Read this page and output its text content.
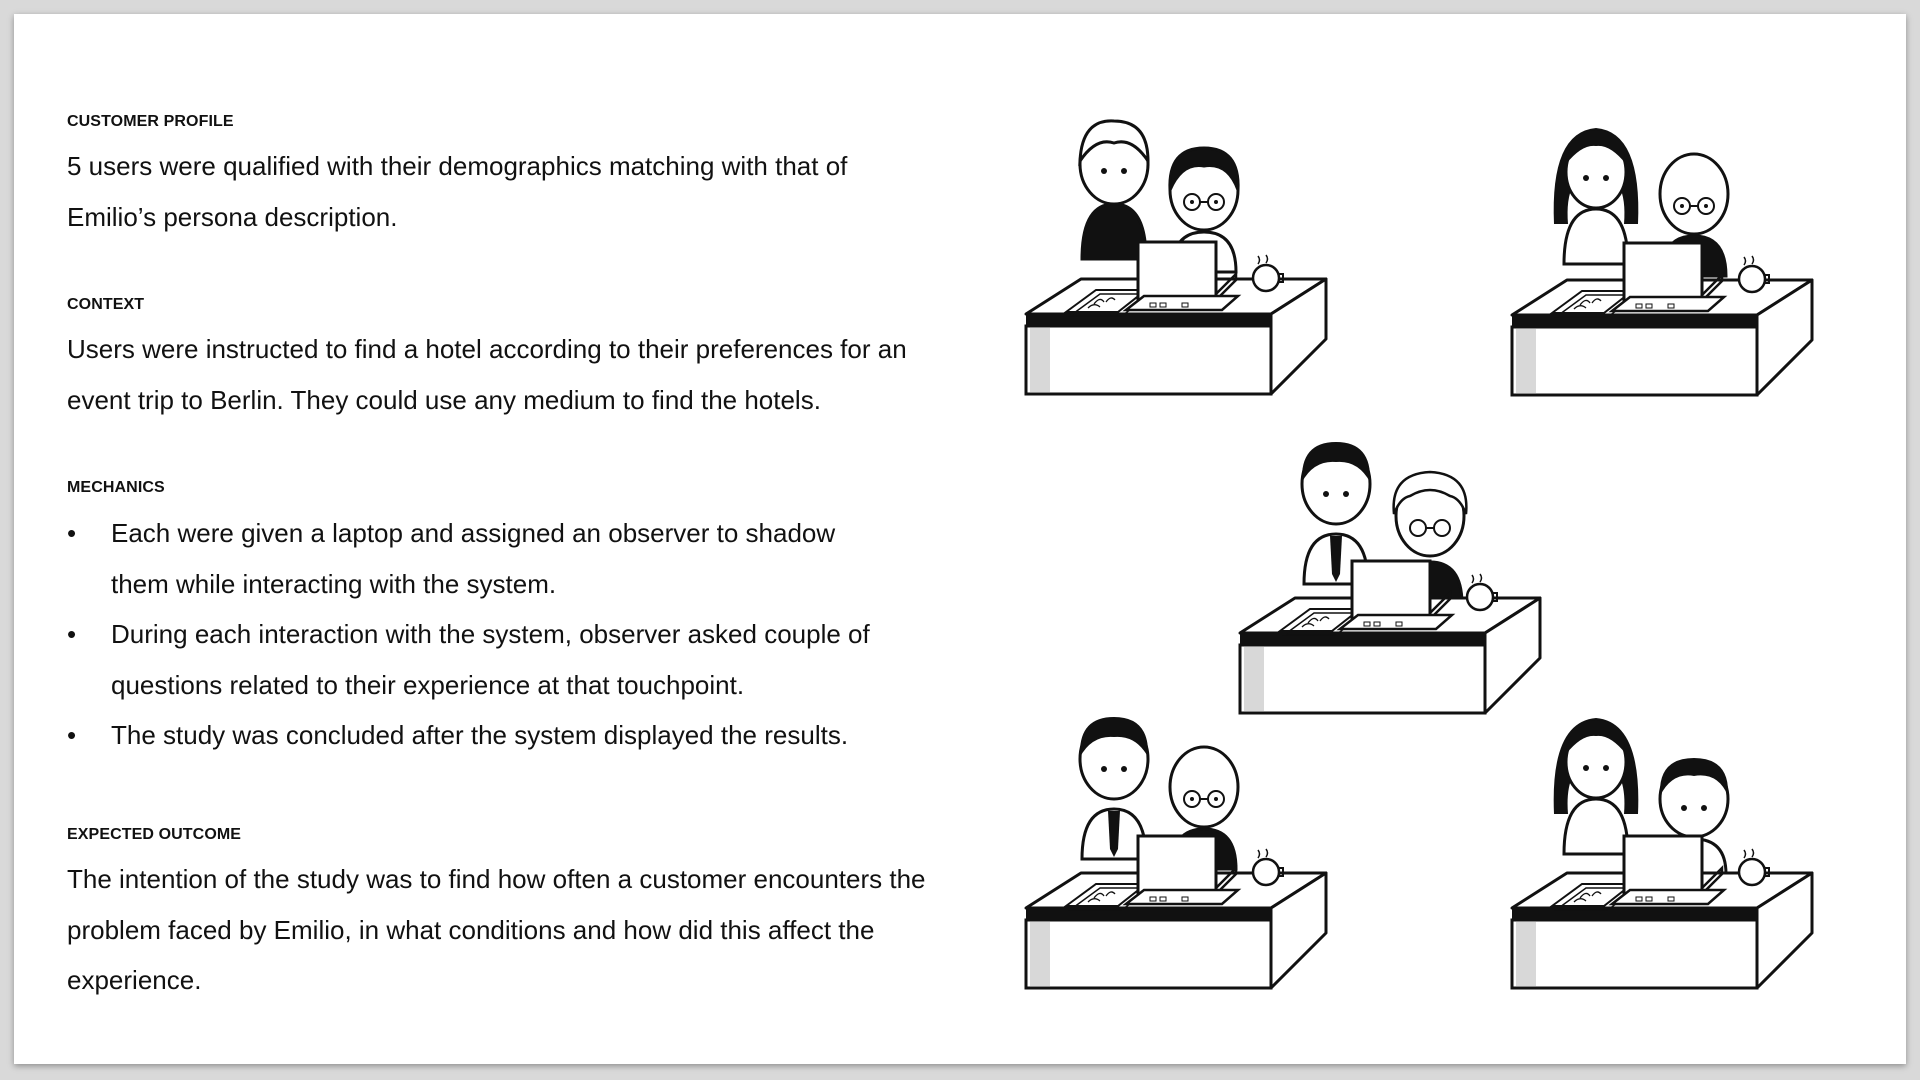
CUSTOMER PROFILE
5 users were qualified with their demographics matching with that of Emilio’s persona description.
CONTEXT
Users were instructed to find a hotel according to their preferences for an event trip to Berlin. They could use any medium to find the hotels.
MECHANICS
• Each were given a laptop and assigned an observer to shadow them while interacting with the system.
• During each interaction with the system, observer asked couple of questions related to their experience at that touchpoint.
• The study was concluded after the system displayed the results.
EXPECTED OUTCOME
The intention of the study was to find how often a customer encounters the problem faced by Emilio, in what conditions and how did this affect the experience.
